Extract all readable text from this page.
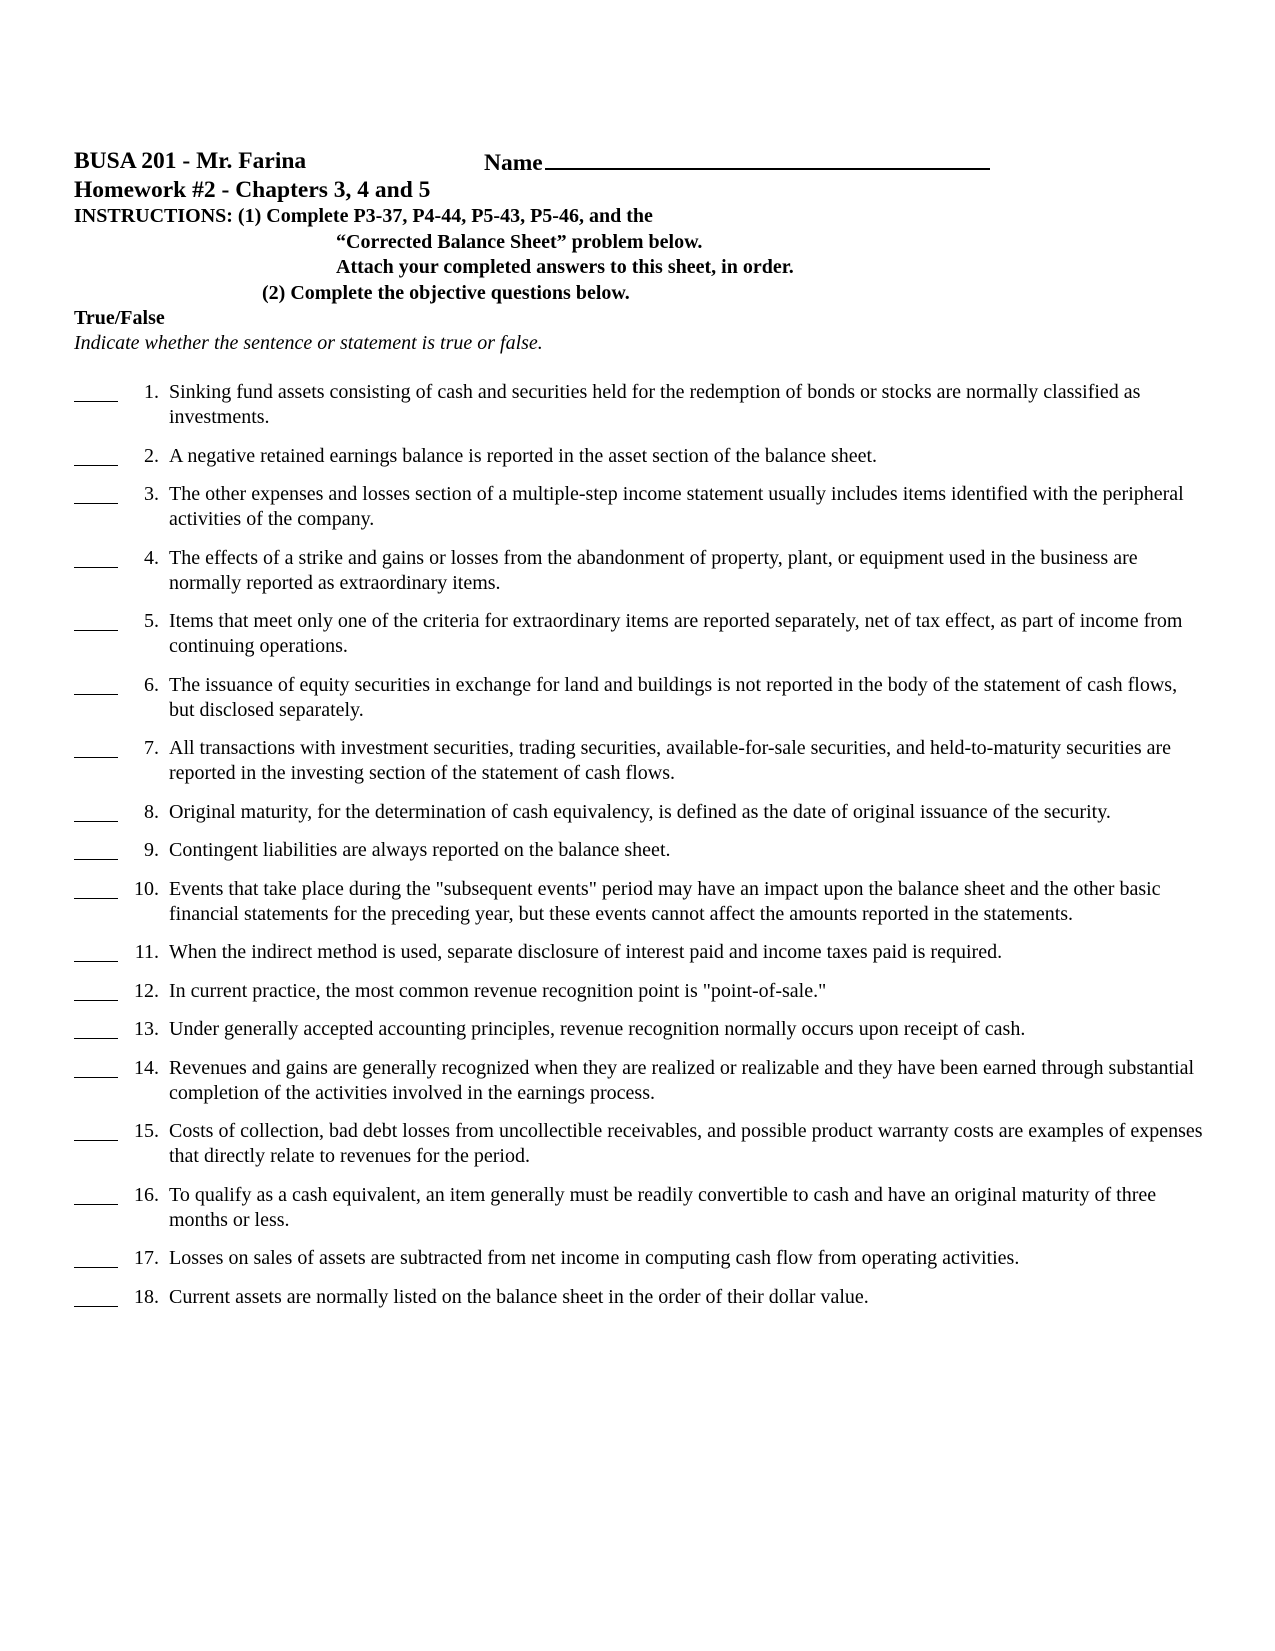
BUSA 201 - Mr. Farina	Name
Homework #2 - Chapters 3, 4 and 5
INSTRUCTIONS: (1) Complete P3-37, P4-44, P5-43, P5-46, and the
“Corrected Balance Sheet” problem below.
Attach your completed answers to this sheet, in order.
(2) Complete the objective questions below.
True/False
Indicate whether the sentence or statement is true or false.
1. Sinking fund assets consisting of cash and securities held for the redemption of bonds or stocks are normally classified as investments.
2. A negative retained earnings balance is reported in the asset section of the balance sheet.
3. The other expenses and losses section of a multiple-step income statement usually includes items identified with the peripheral activities of the company.
4. The effects of a strike and gains or losses from the abandonment of property, plant, or equipment used in the business are normally reported as extraordinary items.
5. Items that meet only one of the criteria for extraordinary items are reported separately, net of tax effect, as part of income from continuing operations.
6. The issuance of equity securities in exchange for land and buildings is not reported in the body of the statement of cash flows, but disclosed separately.
7. All transactions with investment securities, trading securities, available-for-sale securities, and held-to-maturity securities are reported in the investing section of the statement of cash flows.
8. Original maturity, for the determination of cash equivalency, is defined as the date of original issuance of the security.
9. Contingent liabilities are always reported on the balance sheet.
10. Events that take place during the "subsequent events" period may have an impact upon the balance sheet and the other basic financial statements for the preceding year, but these events cannot affect the amounts reported in the statements.
11. When the indirect method is used, separate disclosure of interest paid and income taxes paid is required.
12. In current practice, the most common revenue recognition point is "point-of-sale."
13. Under generally accepted accounting principles, revenue recognition normally occurs upon receipt of cash.
14. Revenues and gains are generally recognized when they are realized or realizable and they have been earned through substantial completion of the activities involved in the earnings process.
15. Costs of collection, bad debt losses from uncollectible receivables, and possible product warranty costs are examples of expenses that directly relate to revenues for the period.
16. To qualify as a cash equivalent, an item generally must be readily convertible to cash and have an original maturity of three months or less.
17. Losses on sales of assets are subtracted from net income in computing cash flow from operating activities.
18. Current assets are normally listed on the balance sheet in the order of their dollar value.
